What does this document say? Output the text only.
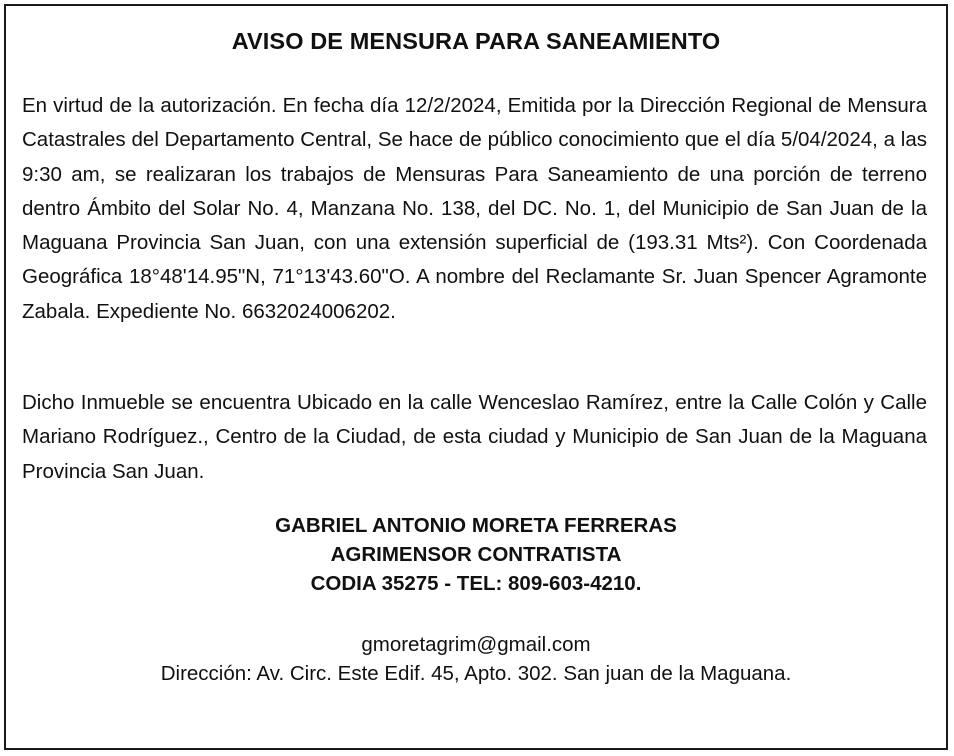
AVISO DE MENSURA PARA SANEAMIENTO

En virtud de la autorización. En fecha día 12/2/2024, Emitida por la Dirección Regional de Mensura Catastrales del Departamento Central, Se hace de público conocimiento que el día 5/04/2024, a las 9:30 am, se realizaran los trabajos de Mensuras Para Saneamiento de una porción de terreno dentro Ámbito del Solar No. 4, Manzana No. 138, del DC. No. 1, del Municipio de San Juan de la Maguana Provincia San Juan, con una extensión superficial de (193.31 Mts²). Con Coordenada Geográfica 18°48'14.95"N, 71°13'43.60"O. A nombre del Reclamante Sr. Juan Spencer Agramonte Zabala. Expediente No. 6632024006202.

Dicho Inmueble se encuentra Ubicado en la calle Wenceslao Ramírez, entre la Calle Colón y Calle Mariano Rodríguez., Centro de la Ciudad, de esta ciudad y Municipio de San Juan de la Maguana Provincia San Juan.

GABRIEL ANTONIO MORETA FERRERAS
AGRIMENSOR CONTRATISTA
CODIA 35275 - TEL: 809-603-4210.
gmoretagrim@gmail.com
Dirección: Av. Circ. Este Edif. 45, Apto. 302. San juan de la Maguana.
